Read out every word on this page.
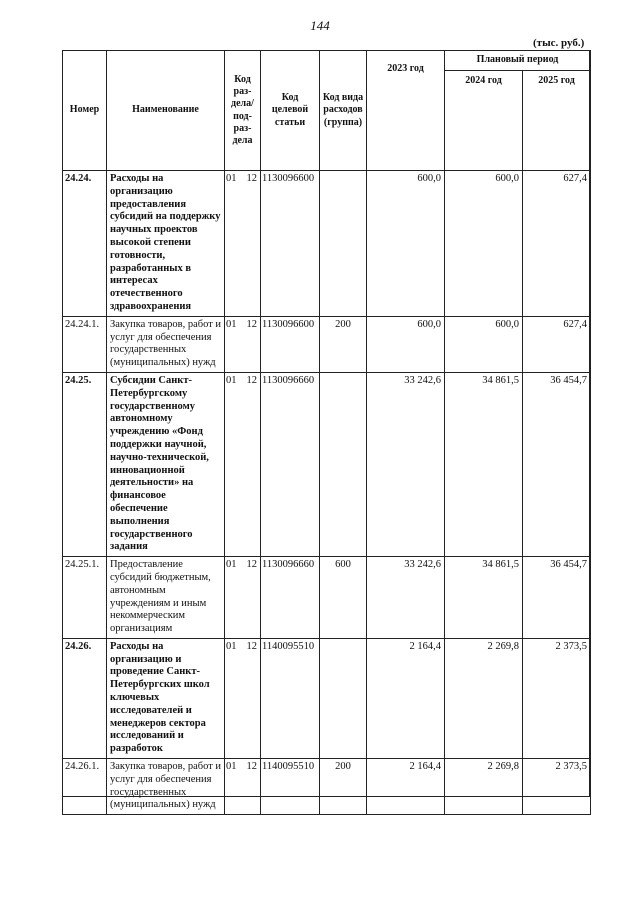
144
(тыс. руб.)
Номер	Наименование	Код раз-дела/ под-раз-дела	Код целевой статьи	Код вида расходов (группа)	2023 год	Плановый период	
						2024 год	2025 год
24.24.	Расходы на организацию предоставления субсидий на поддержку научных проектов высокой степени готовности, разработанных в интересах отечественного здравоохранения	01 12	1130096600		600,0	600,0	627,4
24.24.1.	Закупка товаров, работ и услуг для обеспечения государственных (муниципальных) нужд	01 12	1130096600	200	600,0	600,0	627,4
24.25.	Субсидии Санкт-Петербургскому государственному автономному учреждению «Фонд поддержки научной, научно-технической, инновационной деятельности» на финансовое обеспечение выполнения государственного задания	01 12	1130096660		33 242,6	34 861,5	36 454,7
24.25.1.	Предоставление субсидий бюджетным, автономным учреждениям и иным некоммерческим организациям	01 12	1130096660	600	33 242,6	34 861,5	36 454,7
24.26.	Расходы на организацию и проведение Санкт-Петербургских школ ключевых исследователей и менеджеров сектора исследований и разработок	01 12	1140095510		2 164,4	2 269,8	2 373,5
24.26.1.	Закупка товаров, работ и услуг для обеспечения государственных (муниципальных) нужд	01 12	1140095510	200	2 164,4	2 269,8	2 373,5
